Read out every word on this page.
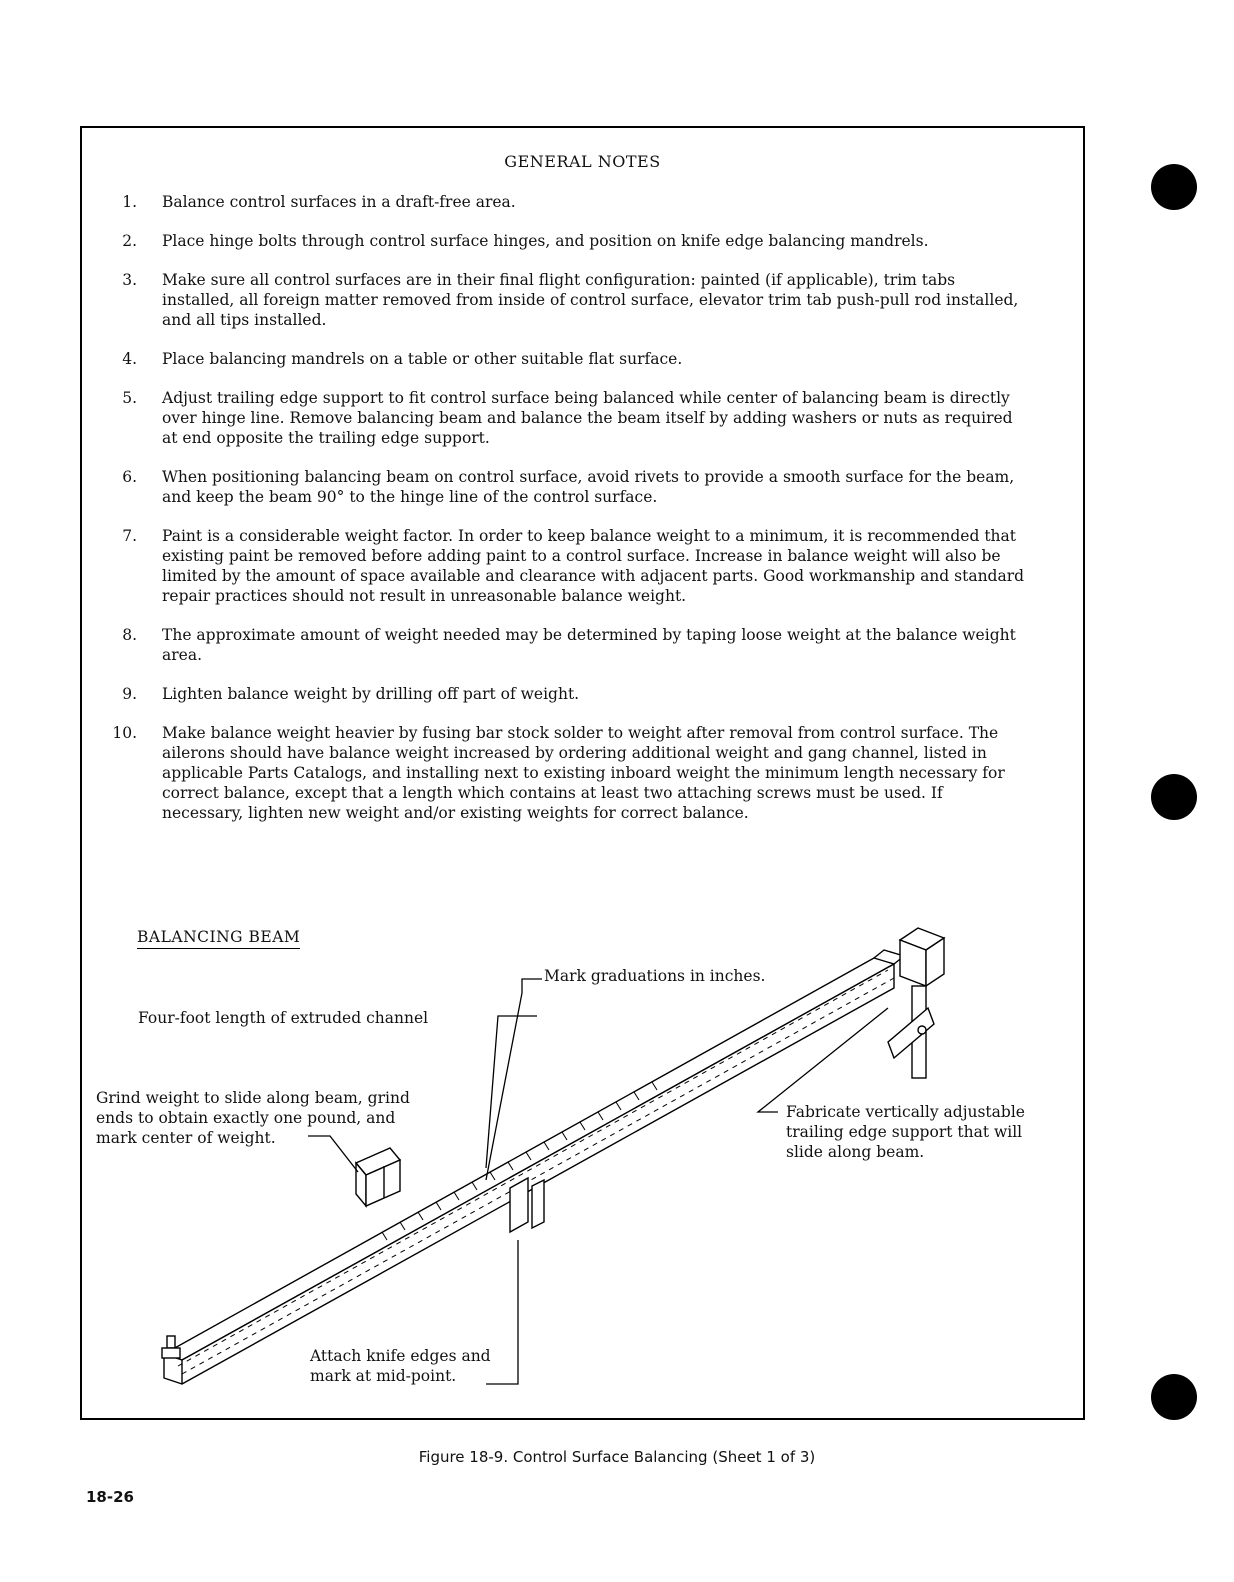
GENERAL NOTES
1. Balance control surfaces in a draft-free area.
2. Place hinge bolts through control surface hinges, and position on knife edge balancing mandrels.
3. Make sure all control surfaces are in their final flight configuration: painted (if applicable), trim tabs installed, all foreign matter removed from inside of control surface, elevator trim tab push-pull rod installed, and all tips installed.
4. Place balancing mandrels on a table or other suitable flat surface.
5. Adjust trailing edge support to fit control surface being balanced while center of balancing beam is directly over hinge line. Remove balancing beam and balance the beam itself by adding washers or nuts as required at end opposite the trailing edge support.
6. When positioning balancing beam on control surface, avoid rivets to provide a smooth surface for the beam, and keep the beam 90° to the hinge line of the control surface.
7. Paint is a considerable weight factor. In order to keep balance weight to a minimum, it is recommended that existing paint be removed before adding paint to a control surface. Increase in balance weight will also be limited by the amount of space available and clearance with adjacent parts. Good workmanship and standard repair practices should not result in unreasonable balance weight.
8. The approximate amount of weight needed may be determined by taping loose weight at the balance weight area.
9. Lighten balance weight by drilling off part of weight.
10. Make balance weight heavier by fusing bar stock solder to weight after removal from control surface. The ailerons should have balance weight increased by ordering additional weight and gang channel, listed in applicable Parts Catalogs, and installing next to existing inboard weight the minimum length necessary for correct balance, except that a length which contains at least two attaching screws must be used. If necessary, lighten new weight and/or existing weights for correct balance.
BALANCING BEAM
Mark graduations in inches.
Four-foot length of extruded channel
Grind weight to slide along beam, grind
ends to obtain exactly one pound, and
mark center of weight.
Fabricate vertically adjustable
trailing edge support that will
slide along beam.
Attach knife edges and
mark at mid-point.
Figure 18-9. Control Surface Balancing (Sheet 1 of 3)
18-26
